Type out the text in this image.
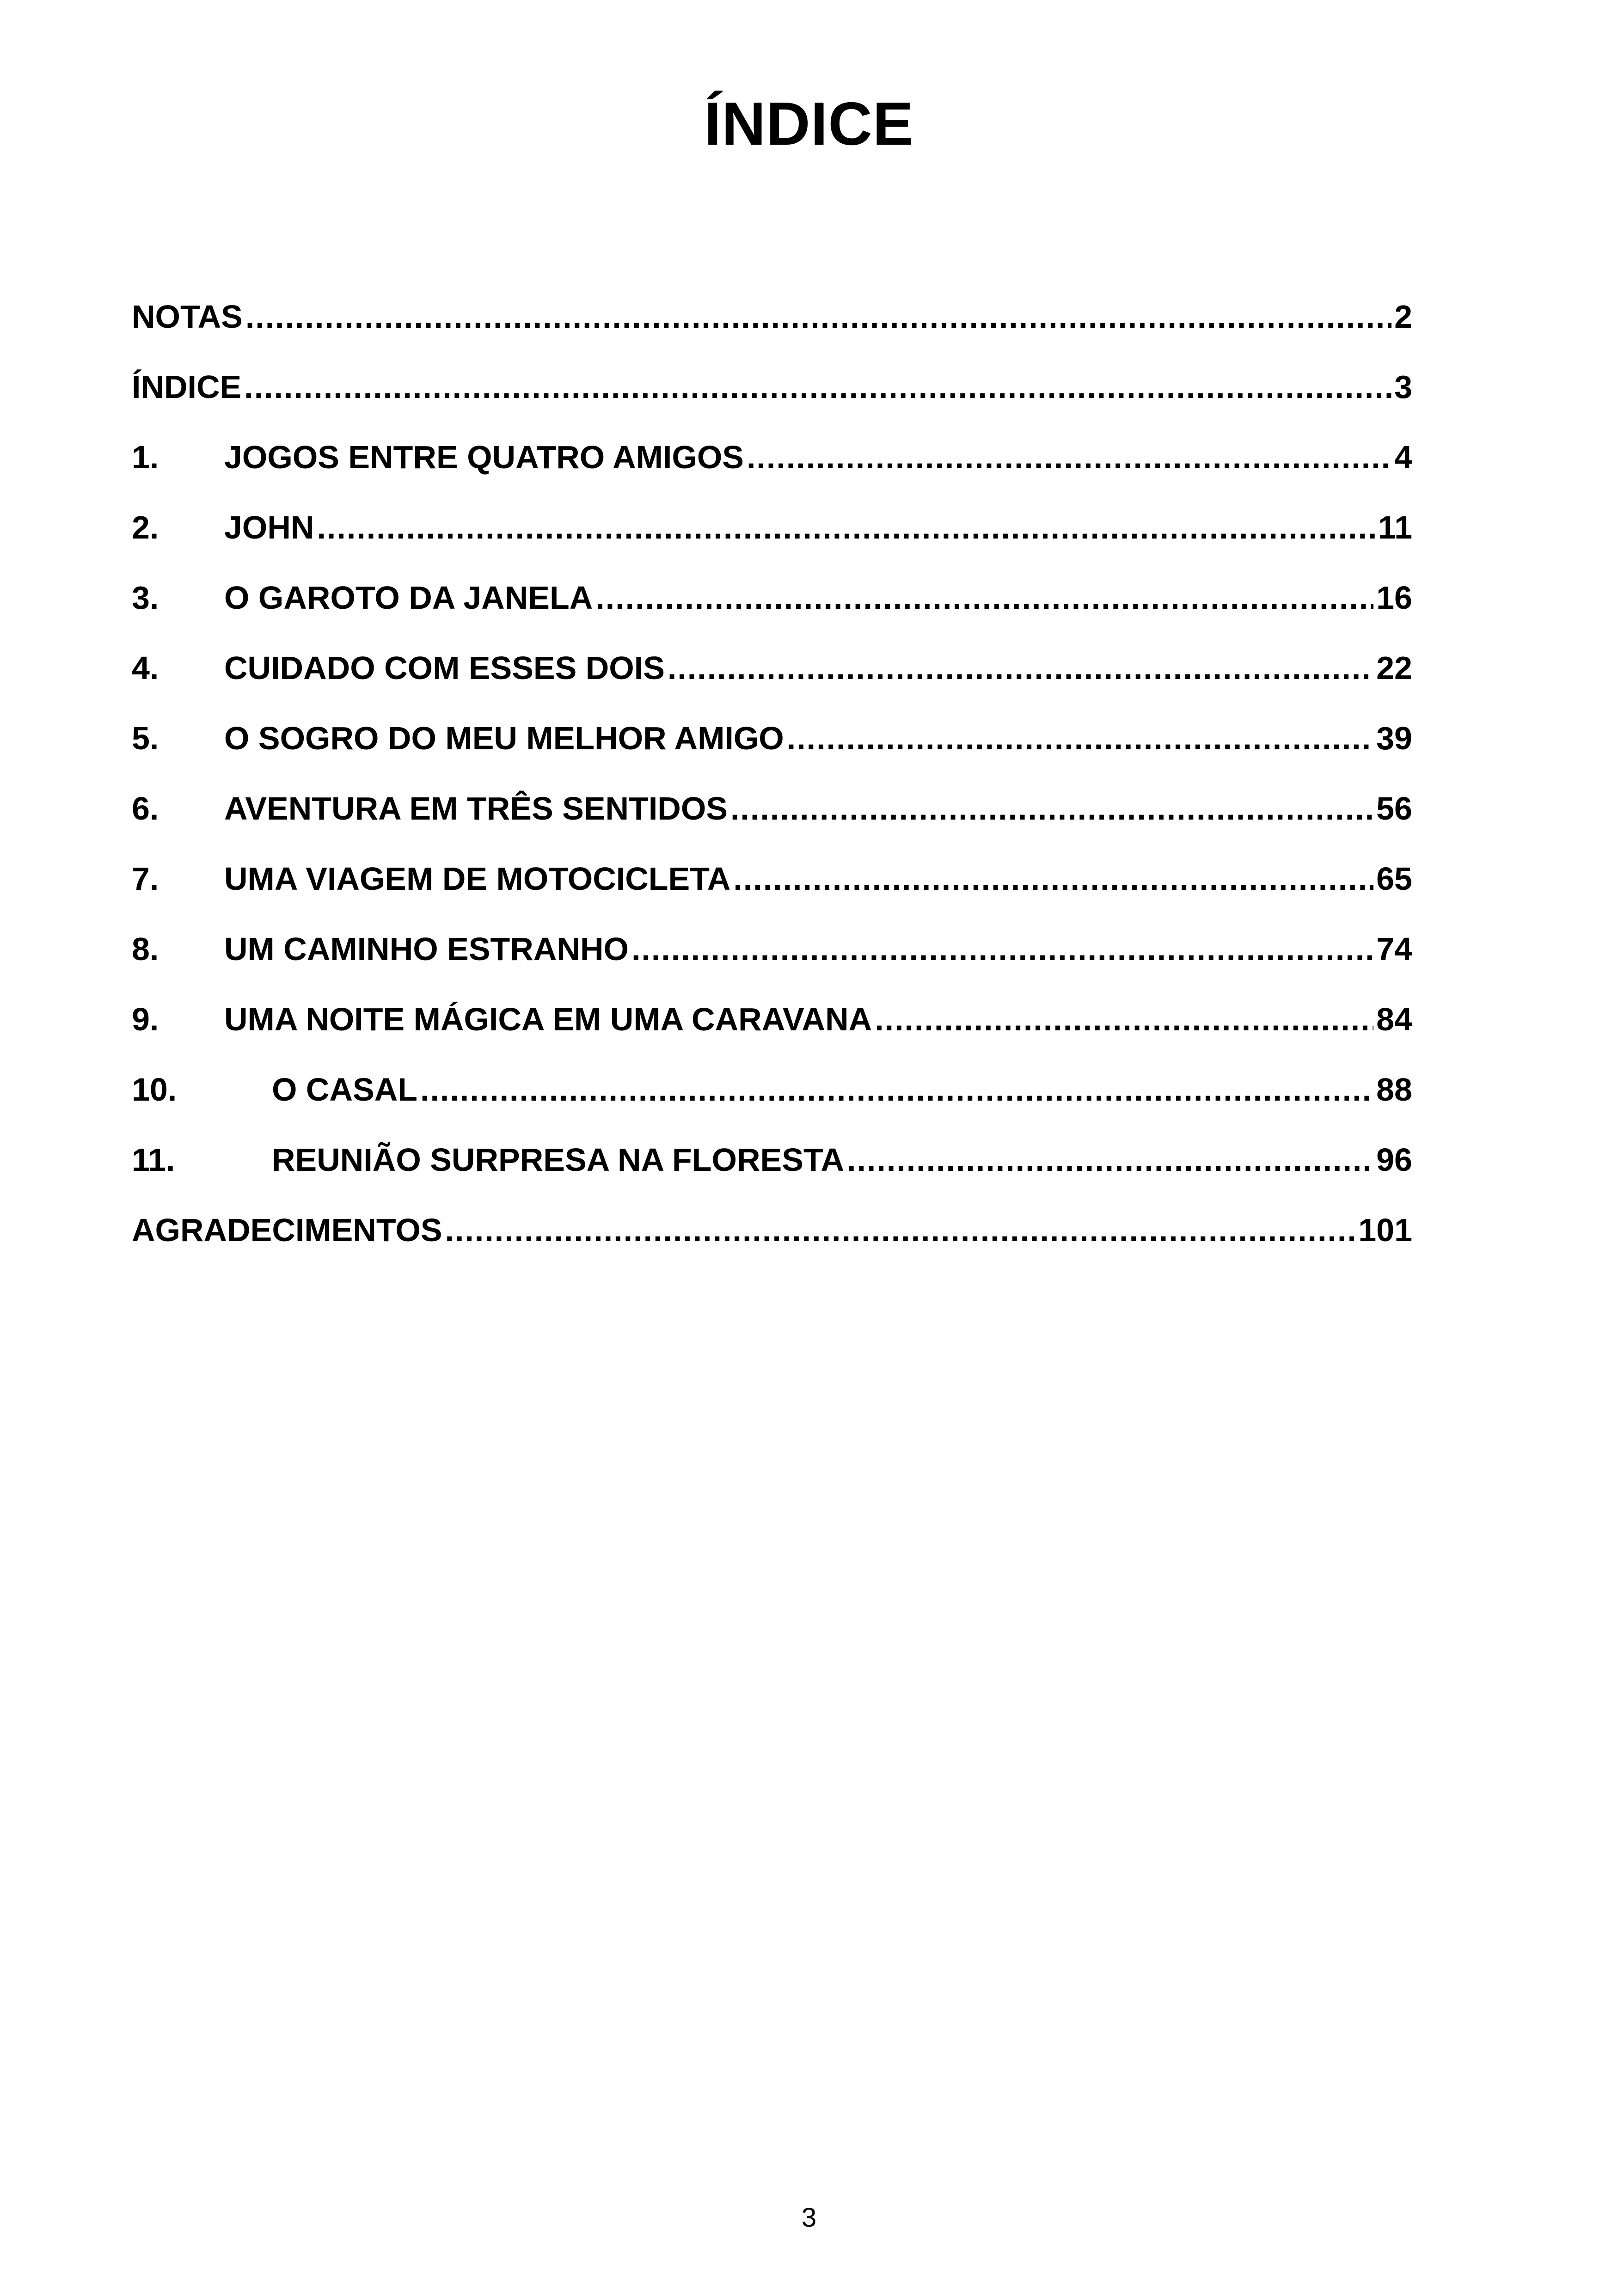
ÍNDICE
NOTAS .....	2
ÍNDICE .....	3
1.	JOGOS ENTRE QUATRO AMIGOS .....	4
2.	JOHN .....	11
3.	O GAROTO DA JANELA .....	16
4.	CUIDADO COM ESSES DOIS .....	22
5.	O SOGRO DO MEU MELHOR AMIGO .....	39
6.	AVENTURA EM TRÊS SENTIDOS .....	56
7.	UMA VIAGEM DE MOTOCICLETA .....	65
8.	UM CAMINHO ESTRANHO .....	74
9.	UMA NOITE MÁGICA EM UMA CARAVANA .....	84
10.	O CASAL .....	88
11.	REUNIÃO SURPRESA NA FLORESTA .....	96
AGRADECIMENTOS .....	101
3
